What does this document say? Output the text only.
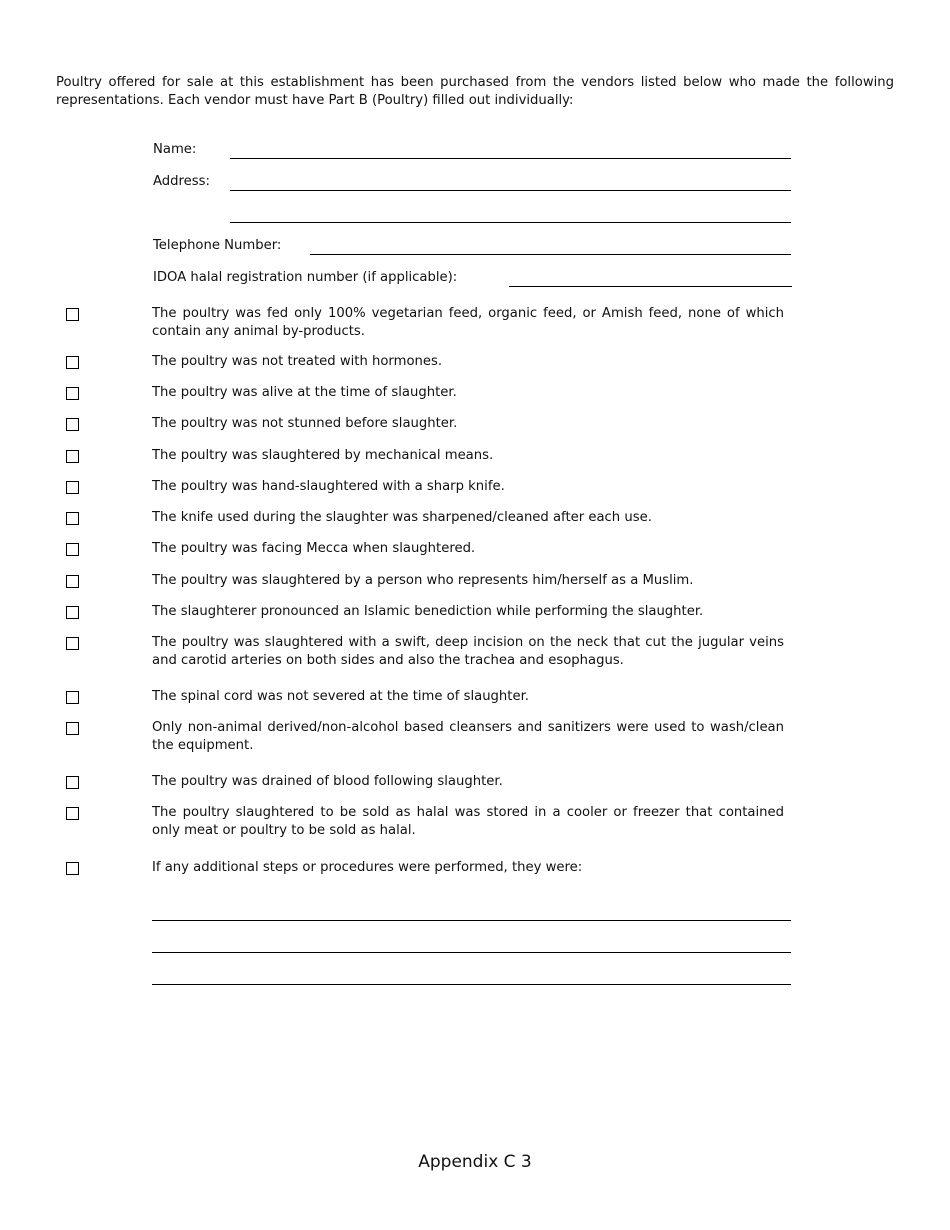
Poultry offered for sale at this establishment has been purchased from the vendors listed below who made the following representations. Each vendor must have Part B (Poultry) filled out individually:
Name:
Address:
Telephone Number:
IDOA halal registration number (if applicable):
The poultry was fed only 100% vegetarian feed, organic feed, or Amish feed, none of which contain any animal by-products.
The poultry was not treated with hormones.
The poultry was alive at the time of slaughter.
The poultry was not stunned before slaughter.
The poultry was slaughtered by mechanical means.
The poultry was hand-slaughtered with a sharp knife.
The knife used during the slaughter was sharpened/cleaned after each use.
The poultry was facing Mecca when slaughtered.
The poultry was slaughtered by a person who represents him/herself as a Muslim.
The slaughterer pronounced an Islamic benediction while performing the slaughter.
The poultry was slaughtered with a swift, deep incision on the neck that cut the jugular veins and carotid arteries on both sides and also the trachea and esophagus.
The spinal cord was not severed at the time of slaughter.
Only non-animal derived/non-alcohol based cleansers and sanitizers were used to wash/clean the equipment.
The poultry was drained of blood following slaughter.
The poultry slaughtered to be sold as halal was stored in a cooler or freezer that contained only meat or poultry to be sold as halal.
If any additional steps or procedures were performed, they were:
Appendix C 3
